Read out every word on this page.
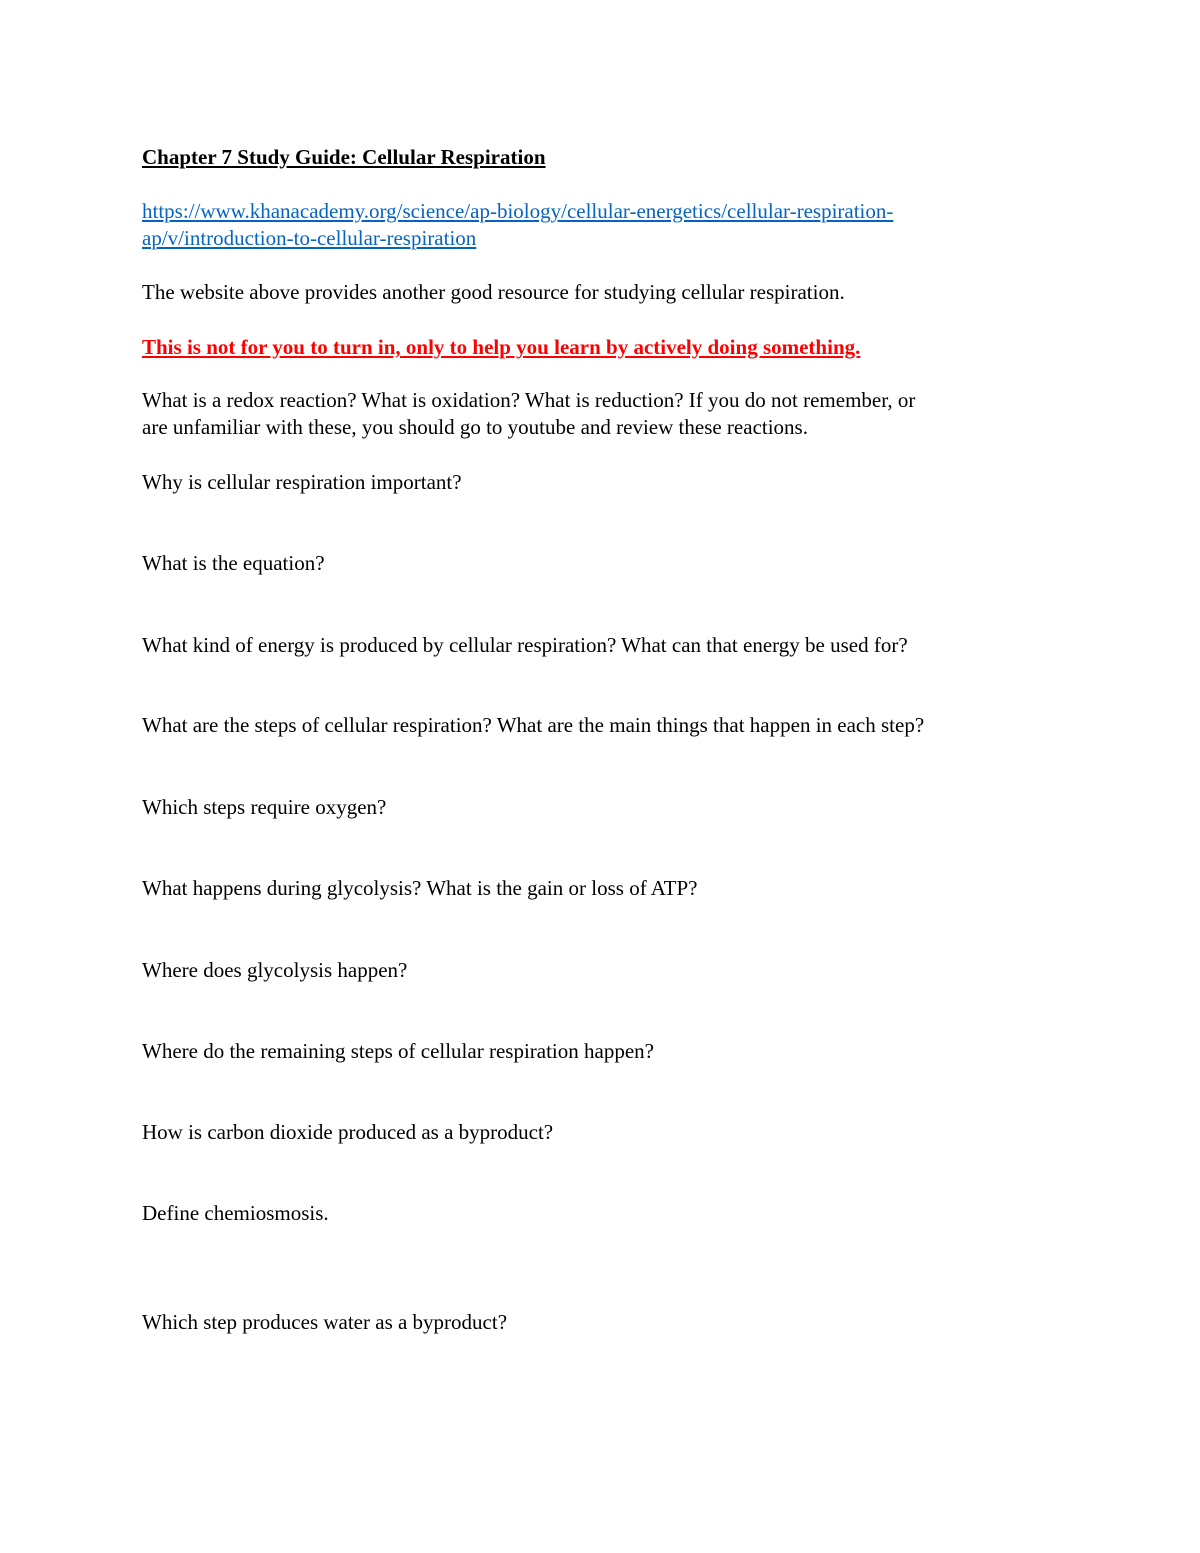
Chapter 7 Study Guide: Cellular Respiration
https://www.khanacademy.org/science/ap-biology/cellular-energetics/cellular-respiration-
ap/v/introduction-to-cellular-respiration
The website above provides another good resource for studying cellular respiration.
This is not for you to turn in, only to help you learn by actively doing something.
What is a redox reaction? What is oxidation? What is reduction? If you do not remember, or
are unfamiliar with these, you should go to youtube and review these reactions.
Why is cellular respiration important?
What is the equation?
What kind of energy is produced by cellular respiration? What can that energy be used for?
What are the steps of cellular respiration? What are the main things that happen in each step?
Which steps require oxygen?
What happens during glycolysis? What is the gain or loss of ATP?
Where does glycolysis happen?
Where do the remaining steps of cellular respiration happen?
How is carbon dioxide produced as a byproduct?
Define chemiosmosis.
Which step produces water as a byproduct?
